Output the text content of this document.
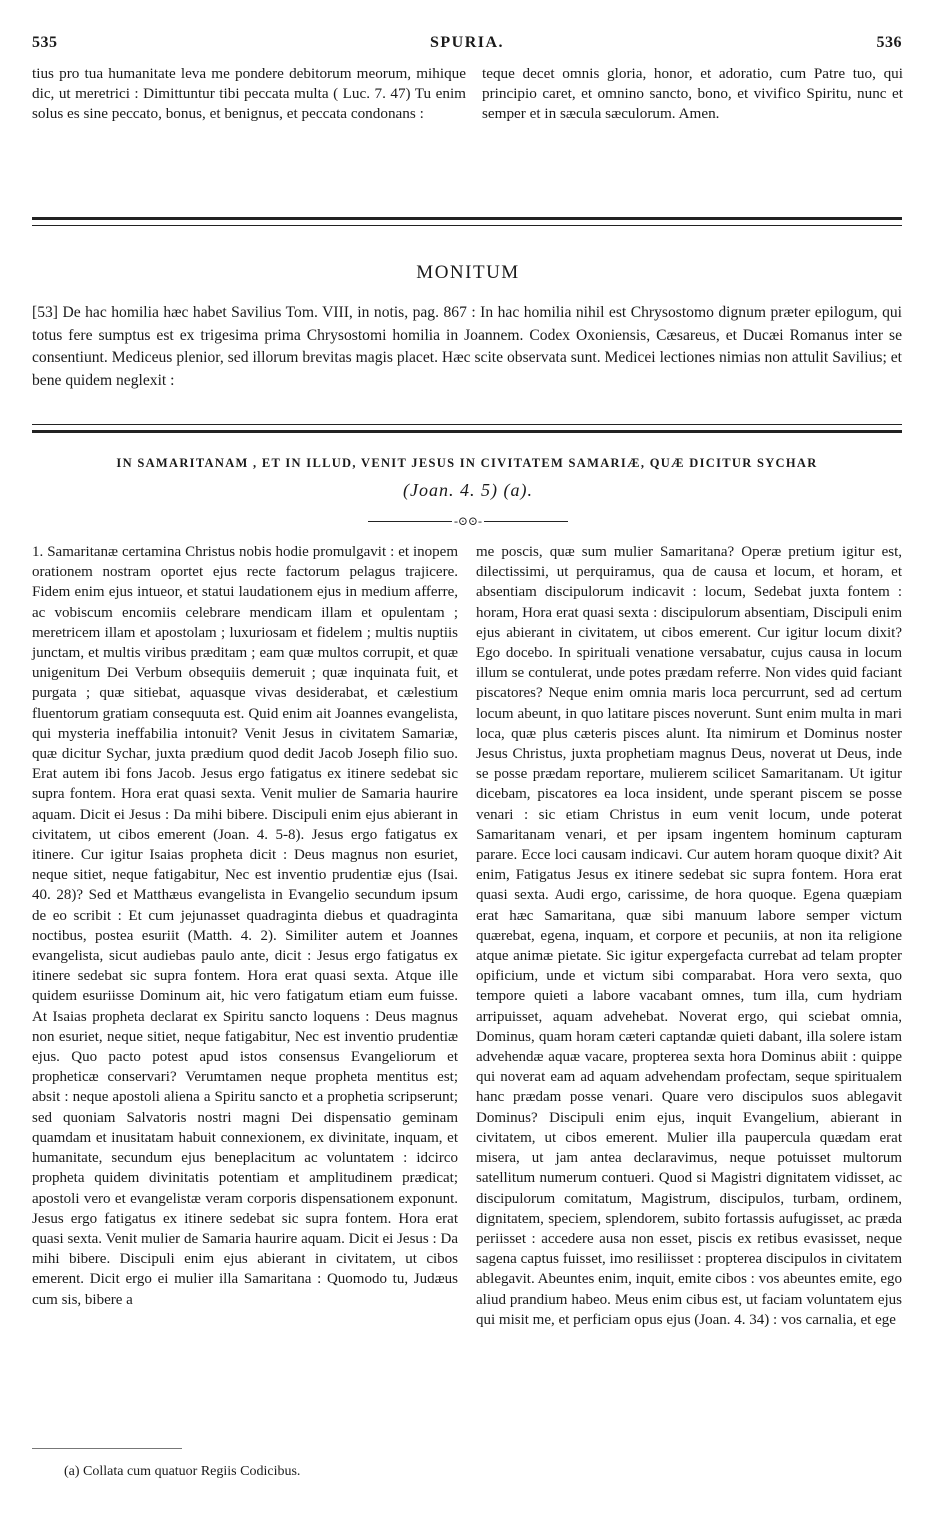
535	SPURIA.	536

tius pro tua humanitate leva me pondere debitorum meorum, mihique dic, ut meretrici : Dimittuntur tibi peccata multa ( Luc. 7. 47) Tu enim solus es sine peccato, bonus, et benignus, et peccata condonans :

teque decet omnis gloria, honor, et adoratio, cum Patre tuo, qui principio caret, et omnino sancto, bono, et vivifico Spiritu, nunc et semper et in sæcula sæculorum. Amen.

MONITUM

[53] De hac homilia hæc habet Savilius Tom. VIII, in notis, pag. 867 : In hac homilia nihil est Chrysostomo dignum præter epilogum, qui totus fere sumptus est ex trigesima prima Chrysostomi homilia in Joannem. Codex Oxoniensis, Cæsareus, et Ducæi Romanus inter se consentiunt. Mediceus plenior, sed illorum brevitas magis placet. Hæc scite observata sunt. Medicei lectiones nimias non attulit Savilius; et bene quidem neglexit :

IN SAMARITANAM , ET IN ILLUD, VENIT JESUS IN CIVITATEM SAMARIÆ, QUÆ DICITUR SYCHAR
(Joan. 4. 5) (a).
-⊙⊙-

1. Samaritanæ certamina Christus nobis hodie promulgavit : et inopem orationem nostram oportet ejus recte factorum pelagus trajicere. Fidem enim ejus intueor, et statui laudationem ejus in medium afferre, ac vobiscum encomiis celebrare mendicam illam et opulentam ; meretricem illam et apostolam ; luxuriosam et fidelem ; multis nuptiis junctam, et multis viribus præditam ; eam quæ multos corrupit, et quæ unigenitum Dei Verbum obsequiis demeruit ; quæ inquinata fuit, et purgata ; quæ sitiebat, aquasque vivas desiderabat, et cælestium fluentorum gratiam consequuta est. Quid enim ait Joannes evangelista, qui mysteria ineffabilia intonuit? Venit Jesus in civitatem Samariæ, quæ dicitur Sychar, juxta prædium quod dedit Jacob Joseph filio suo. Erat autem ibi fons Jacob. Jesus ergo fatigatus ex itinere sedebat sic supra fontem. Hora erat quasi sexta. Venit mulier de Samaria haurire aquam. Dicit ei Jesus : Da mihi bibere. Discipuli enim ejus abierant in civitatem, ut cibos emerent (Joan. 4. 5-8). Jesus ergo fatigatus ex itinere. Cur igitur Isaias propheta dicit : Deus magnus non esuriet, neque sitiet, neque fatigabitur, Nec est inventio prudentiæ ejus (Isai. 40. 28)? Sed et Matthæus evangelista in Evangelio secundum ipsum de eo scribit : Et cum jejunasset quadraginta diebus et quadraginta noctibus, postea esuriit (Matth. 4. 2). Similiter autem et Joannes evangelista, sicut audiebas paulo ante, dicit : Jesus ergo fatigatus ex itinere sedebat sic supra fontem. Hora erat quasi sexta. Atque ille quidem esuriisse Dominum ait, hic vero fatigatum etiam eum fuisse. At Isaias propheta declarat ex Spiritu sancto loquens : Deus magnus non esuriet, neque sitiet, neque fatigabitur, Nec est inventio prudentiæ ejus. Quo pacto potest apud istos consensus Evangeliorum et propheticæ conservari? Verumtamen neque propheta mentitus est; absit : neque apostoli aliena a Spiritu sancto et a prophetia scripserunt; sed quoniam Salvatoris nostri magni Dei dispensatio geminam quamdam et inusitatam habuit connexionem, ex divinitate, inquam, et humanitate, secundum ejus beneplacitum ac voluntatem : idcirco propheta quidem divinitatis potentiam et amplitudinem prædicat; apostoli vero et evangelistæ veram corporis dispensationem exponunt. Jesus ergo fatigatus ex itinere sedebat sic supra fontem. Hora erat quasi sexta. Venit mulier de Samaria haurire aquam. Dicit ei Jesus : Da mihi bibere. Discipuli enim ejus abierant in civitatem, ut cibos emerent. Dicit ergo ei mulier illa Samaritana : Quomodo tu, Judæus cum sis, bibere a

me poscis, quæ sum mulier Samaritana? Operæ pretium igitur est, dilectissimi, ut perquiramus, qua de causa et locum, et horam, et absentiam discipulorum indicavit : locum, Sedebat juxta fontem : horam, Hora erat quasi sexta : discipulorum absentiam, Discipuli enim ejus abierant in civitatem, ut cibos emerent. Cur igitur locum dixit? Ego docebo. In spirituali venatione versabatur, cujus causa in locum illum se contulerat, unde potes prædam referre. Non vides quid faciant piscatores? Neque enim omnia maris loca percurrunt, sed ad certum locum abeunt, in quo latitare pisces noverunt. Sunt enim multa in mari loca, quæ plus cæteris pisces alunt. Ita nimirum et Dominus noster Jesus Christus, juxta prophetiam magnus Deus, noverat ut Deus, inde se posse prædam reportare, mulierem scilicet Samaritanam. Ut igitur dicebam, piscatores ea loca insident, unde sperant piscem se posse venari : sic etiam Christus in eum venit locum, unde poterat Samaritanam venari, et per ipsam ingentem hominum capturam parare. Ecce loci causam indicavi. Cur autem horam quoque dixit? Ait enim, Fatigatus Jesus ex itinere sedebat sic supra fontem. Hora erat quasi sexta. Audi ergo, carissime, de hora quoque. Egena quæpiam erat hæc Samaritana, quæ sibi manuum labore semper victum quærebat, egena, inquam, et corpore et pecuniis, at non ita religione atque animæ pietate. Sic igitur expergefacta currebat ad telam propter opificium, unde et victum sibi comparabat. Hora vero sexta, quo tempore quieti a labore vacabant omnes, tum illa, cum hydriam arripuisset, aquam advehebat. Noverat ergo, qui sciebat omnia, Dominus, quam horam cæteri captandæ quieti dabant, illa solere istam advehendæ aquæ vacare, propterea sexta hora Dominus abiit : quippe qui noverat eam ad aquam advehendam profectam, seque spiritualem hanc prædam posse venari. Quare vero discipulos suos ablegavit Dominus? Discipuli enim ejus, inquit Evangelium, abierant in civitatem, ut cibos emerent. Mulier illa paupercula quædam erat misera, ut jam antea declaravimus, neque potuisset multorum satellitum numerum contueri. Quod si Magistri dignitatem vidisset, ac discipulorum comitatum, Magistrum, discipulos, turbam, ordinem, dignitatem, speciem, splendorem, subito fortassis aufugisset, ac præda periisset : accedere ausa non esset, piscis ex retibus evasisset, neque sagena captus fuisset, imo resiliisset : propterea discipulos in civitatem ablegavit. Abeuntes enim, inquit, emite cibos : vos abeuntes emite, ego aliud prandium habeo. Meus enim cibus est, ut faciam voluntatem ejus qui misit me, et perficiam opus ejus (Joan. 4. 34) : vos carnalia, et ege

(a) Collata cum quatuor Regiis Codicibus.
